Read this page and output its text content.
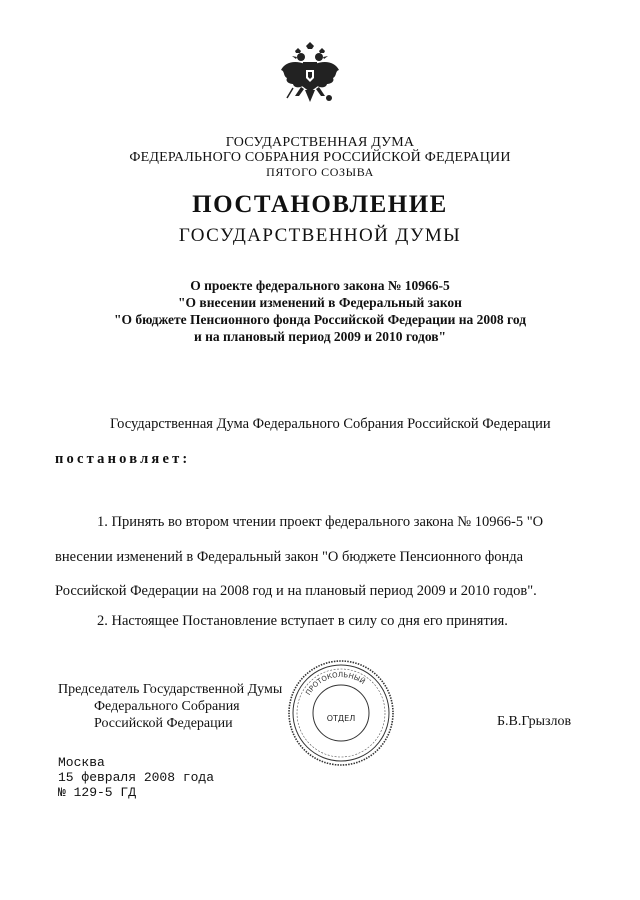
ГОСУДАРСТВЕННАЯ ДУМА
ФЕДЕРАЛЬНОГО СОБРАНИЯ РОССИЙСКОЙ ФЕДЕРАЦИИ
ПЯТОГО СОЗЫВА
ПОСТАНОВЛЕНИЕ
ГОСУДАРСТВЕННОЙ ДУМЫ
О проекте федерального закона № 10966-5
"О внесении изменений в Федеральный закон
"О бюджете Пенсионного фонда Российской Федерации на 2008 год
и на плановый период 2009 и 2010 годов"
Государственная Дума Федерального Собрания Российской Федерации
постановляет:
1. Принять во втором чтении проект федерального закона № 10966-5 "О
внесении изменений в Федеральный закон "О бюджете Пенсионного фонда
Российской Федерации на 2008 год и на плановый период 2009 и 2010 годов".
2. Настоящее Постановление вступает в силу со дня его принятия.
Председатель Государственной Думы
Федерального Собрания
Российской Федерации	Б.В.Грызлов
ПРОТОКОЛЬНЫЙ
ОТДЕЛ
Москва
15 февраля 2008 года
№ 129-5 ГД
